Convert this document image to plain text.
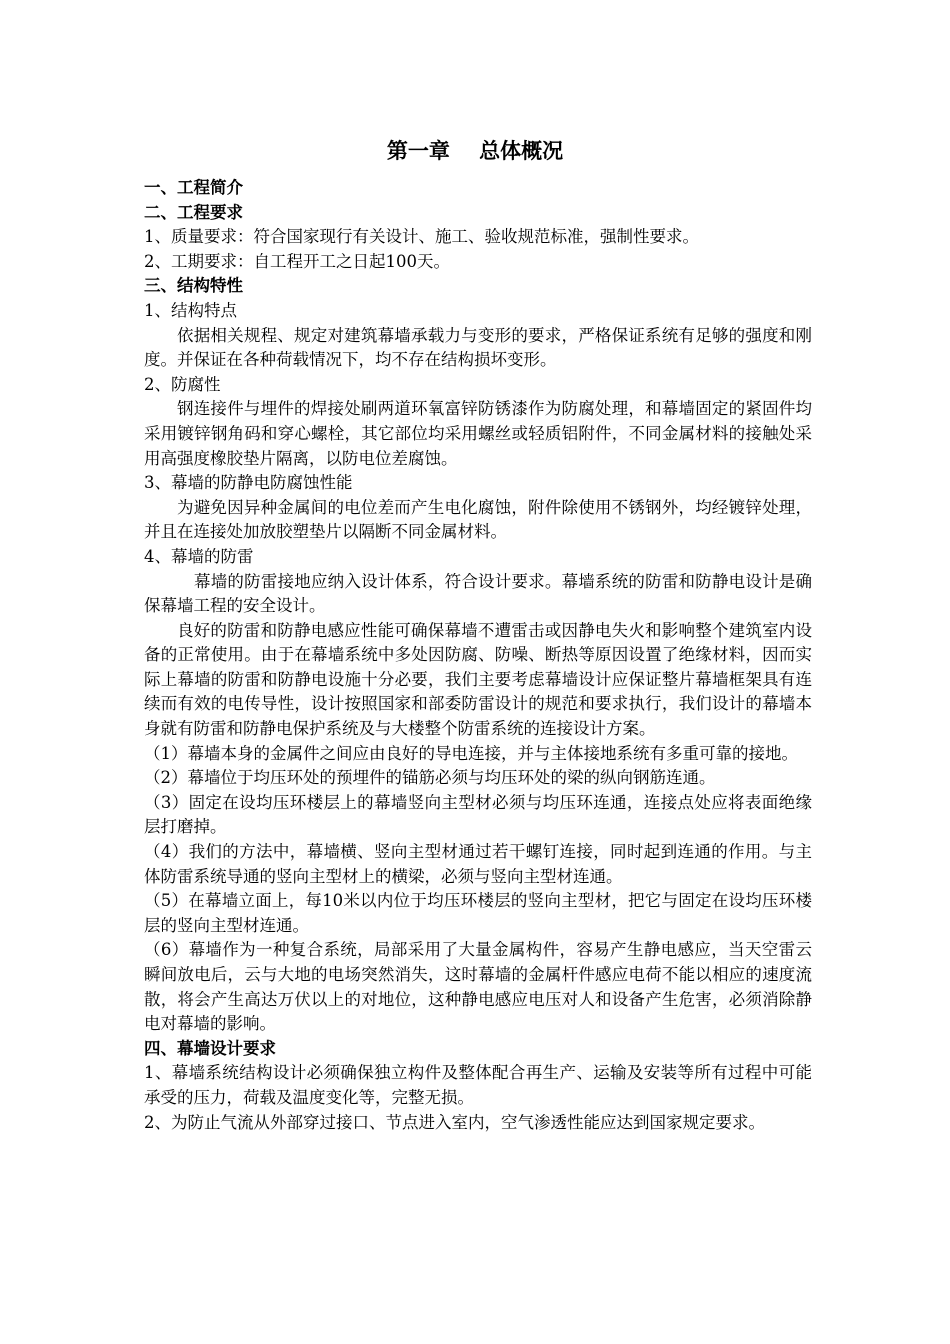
第一章    总体概况

一、工程简介

二、工程要求

1、质量要求：符合国家现行有关设计、施工、验收规范标准，强制性要求。

2、工期要求：自工程开工之日起100天。

三、结构特性

1、结构特点

依据相关规程、规定对建筑幕墙承载力与变形的要求，严格保证系统有足够的强度和刚度。并保证在各种荷载情况下，均不存在结构损坏变形。

2、防腐性

钢连接件与埋件的焊接处刷两道环氧富锌防锈漆作为防腐处理，和幕墙固定的紧固件均采用镀锌钢角码和穿心螺栓，其它部位均采用螺丝或轻质铝附件，不同金属材料的接触处采用高强度橡胶垫片隔离，以防电位差腐蚀。

3、幕墙的防静电防腐蚀性能

为避免因异种金属间的电位差而产生电化腐蚀，附件除使用不锈钢外，均经镀锌处理，并且在连接处加放胶塑垫片以隔断不同金属材料。

4、幕墙的防雷

幕墙的防雷接地应纳入设计体系，符合设计要求。幕墙系统的防雷和防静电设计是确保幕墙工程的安全设计。

良好的防雷和防静电感应性能可确保幕墙不遭雷击或因静电失火和影响整个建筑室内设备的正常使用。由于在幕墙系统中多处因防腐、防噪、断热等原因设置了绝缘材料，因而实际上幕墙的防雷和防静电设施十分必要，我们主要考虑幕墙设计应保证整片幕墙框架具有连续而有效的电传导性，设计按照国家和部委防雷设计的规范和要求执行，我们设计的幕墙本身就有防雷和防静电保护系统及与大楼整个防雷系统的连接设计方案。

（1）幕墙本身的金属件之间应由良好的导电连接，并与主体接地系统有多重可靠的接地。

（2）幕墙位于均压环处的预埋件的锚筋必须与均压环处的梁的纵向钢筋连通。

（3）固定在设均压环楼层上的幕墙竖向主型材必须与均压环连通，连接点处应将表面绝缘层打磨掉。

（4）我们的方法中，幕墙横、竖向主型材通过若干螺钉连接，同时起到连通的作用。与主体防雷系统导通的竖向主型材上的横梁，必须与竖向主型材连通。

（5）在幕墙立面上，每10米以内位于均压环楼层的竖向主型材，把它与固定在设均压环楼层的竖向主型材连通。

（6）幕墙作为一种复合系统，局部采用了大量金属构件，容易产生静电感应，当天空雷云瞬间放电后，云与大地的电场突然消失，这时幕墙的金属杆件感应电荷不能以相应的速度流散，将会产生高达万伏以上的对地位，这种静电感应电压对人和设备产生危害，必须消除静电对幕墙的影响。

四、幕墙设计要求

1、幕墙系统结构设计必须确保独立构件及整体配合再生产、运输及安装等所有过程中可能承受的压力，荷载及温度变化等，完整无损。

2、为防止气流从外部穿过接口、节点进入室内，空气渗透性能应达到国家规定要求。
